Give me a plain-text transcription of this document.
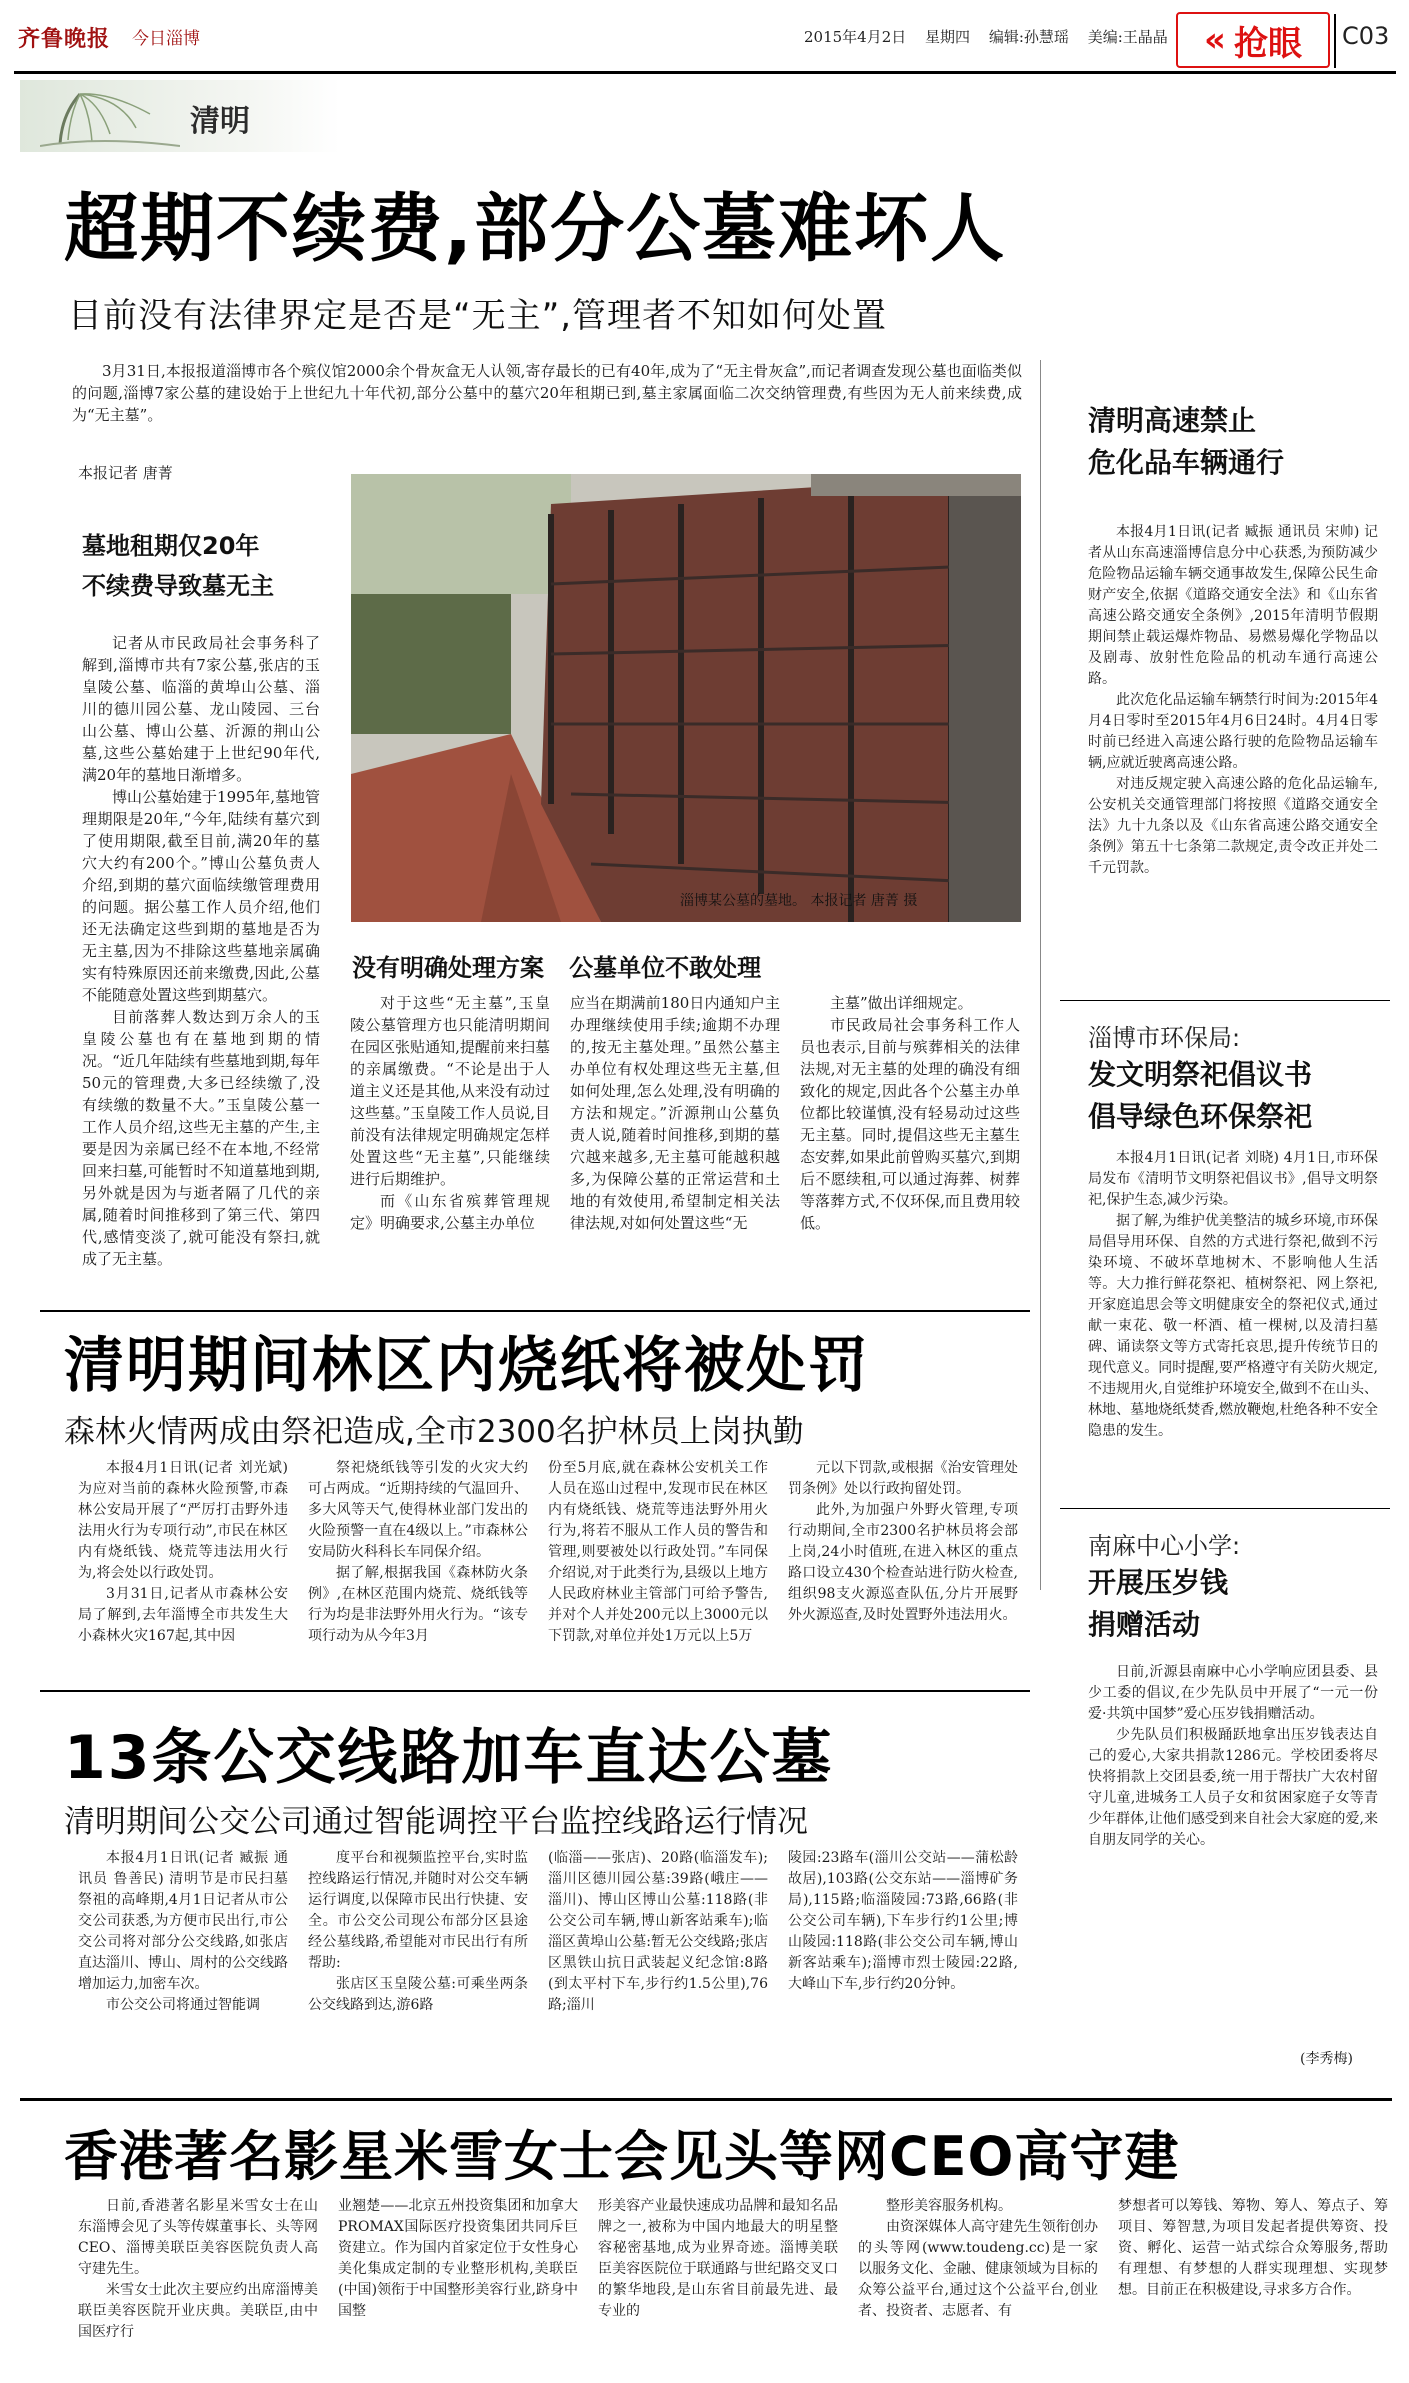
齐鲁晚报 今日淄博	2015年4月2日 星期四 编辑:孙慧瑶 美编:王晶晶	« 抢眼 C03
清明
超期不续费,部分公墓难坏人
目前没有法律界定是否是“无主”,管理者不知如何处置
3月31日,本报报道淄博市各个殡仪馆2000余个骨灰盒无人认领,寄存最长的已有40年,成为了“无主骨灰盒”,而记者调查发现公墓也面临类似的问题,淄博7家公墓的建设始于上世纪九十年代初,部分公墓中的墓穴20年租期已到,墓主家属面临二次交纳管理费,有些因为无人前来续费,成为“无主墓”。
本报记者 唐菁
墓地租期仅20年
不续费导致墓无主

记者从市民政局社会事务科了解到,淄博市共有7家公墓,张店的玉皇陵公墓、临淄的黄埠山公墓、淄川的德川园公墓、龙山陵园、三台山公墓、博山公墓、沂源的荆山公墓,这些公墓始建于上世纪90年代,满20年的墓地日渐增多。

博山公墓始建于1995年,墓地管理期限是20年,“今年,陆续有墓穴到了使用期限,截至目前,满20年的墓穴大约有200个。”博山公墓负责人介绍,到期的墓穴面临续缴管理费用的问题。据公墓工作人员介绍,他们还无法确定这些到期的墓地是否为无主墓,因为不排除这些墓地亲属确实有特殊原因还前来缴费,因此,公墓不能随意处置这些到期墓穴。

目前落葬人数达到万余人的玉皇陵公墓也有在墓地到期的情况。“近几年陆续有些墓地到期,每年50元的管理费,大多已经续缴了,没有续缴的数量不大。”玉皇陵公墓一工作人员介绍,这些无主墓的产生,主要是因为亲属已经不在本地,不经常回来扫墓,可能暂时不知道墓地到期,另外就是因为与逝者隔了几代的亲属,随着时间推移到了第三代、第四代,感情变淡了,就可能没有祭扫,就成了无主墓。

淄博某公墓的墓地。 本报记者 唐菁 摄
没有明确处理方案   公墓单位不敢处理

对于这些“无主墓”,玉皇陵公墓管理方也只能清明期间在园区张贴通知,提醒前来扫墓的亲属缴费。“不论是出于人道主义还是其他,从来没有动过这些墓。”玉皇陵工作人员说,目前没有法律规定明确规定怎样处置这些“无主墓”,只能继续进行后期维护。

而《山东省殡葬管理规定》明确要求,公墓主办单位

应当在期满前180日内通知户主办理继续使用手续;逾期不办理的,按无主墓处理。”虽然公墓主办单位有权处理这些无主墓,但如何处理,怎么处理,没有明确的方法和规定。”沂源荆山公墓负责人说,随着时间推移,到期的墓穴越来越多,无主墓可能越积越多,为保障公墓的正常运营和土地的有效使用,希望制定相关法律法规,对如何处置这些“无

主墓”做出详细规定。

市民政局社会事务科工作人员也表示,目前与殡葬相关的法律法规,对无主墓的处理的确没有细致化的规定,因此各个公墓主办单位都比较谨慎,没有轻易动过这些无主墓。同时,提倡这些无主墓生态安葬,如果此前曾购买墓穴,到期后不愿续租,可以通过海葬、树葬等落葬方式,不仅环保,而且费用较低。

清明高速禁止
危化品车辆通行

本报4月1日讯(记者 臧振 通讯员 宋帅) 记者从山东高速淄博信息分中心获悉,为预防减少危险物品运输车辆交通事故发生,保障公民生命财产安全,依据《道路交通安全法》和《山东省高速公路交通安全条例》,2015年清明节假期期间禁止载运爆炸物品、易燃易爆化学物品以及剧毒、放射性危险品的机动车通行高速公路。

此次危化品运输车辆禁行时间为:2015年4月4日零时至2015年4月6日24时。4月4日零时前已经进入高速公路行驶的危险物品运输车辆,应就近驶离高速公路。

对违反规定驶入高速公路的危化品运输车,公安机关交通管理部门将按照《道路交通安全法》九十九条以及《山东省高速公路交通安全条例》第五十七条第二款规定,责令改正并处二千元罚款。

淄博市环保局:
发文明祭祀倡议书
倡导绿色环保祭祀

本报4月1日讯(记者 刘晓) 4月1日,市环保局发布《清明节文明祭祀倡议书》,倡导文明祭祀,保护生态,减少污染。

据了解,为维护优美整洁的城乡环境,市环保局倡导用环保、自然的方式进行祭祀,做到不污染环境、不破坏草地树木、不影响他人生活等。大力推行鲜花祭祀、植树祭祀、网上祭祀,开家庭追思会等文明健康安全的祭祀仪式,通过献一束花、敬一杯酒、植一棵树,以及清扫墓碑、诵读祭文等方式寄托哀思,提升传统节日的现代意义。同时提醒,要严格遵守有关防火规定,不违规用火,自觉维护环境安全,做到不在山头、林地、墓地烧纸焚香,燃放鞭炮,杜绝各种不安全隐患的发生。

南麻中心小学:
开展压岁钱
捐赠活动

日前,沂源县南麻中心小学响应团县委、县少工委的倡议,在少先队员中开展了“一元一份爱·共筑中国梦”爱心压岁钱捐赠活动。

少先队员们积极踊跃地拿出压岁钱表达自己的爱心,大家共捐款1286元。学校团委将尽快将捐款上交团县委,统一用于帮扶广大农村留守儿童,进城务工人员子女和贫困家庭子女等青少年群体,让他们感受到来自社会大家庭的爱,来自朋友同学的关心。

(李秀梅)
清明期间林区内烧纸将被处罚
森林火情两成由祭祀造成,全市2300名护林员上岗执勤

本报4月1日讯(记者 刘光斌) 为应对当前的森林火险预警,市森林公安局开展了“严厉打击野外违法用火行为专项行动”,市民在林区内有烧纸钱、烧荒等违法用火行为,将会处以行政处罚。

3月31日,记者从市森林公安局了解到,去年淄博全市共发生大小森林火灾167起,其中因

祭祀烧纸钱等引发的火灾大约可占两成。“近期持续的气温回升、多大风等天气,使得林业部门发出的火险预警一直在4级以上。”市森林公安局防火科科长车同保介绍。

据了解,根据我国《森林防火条例》,在林区范围内烧荒、烧纸钱等行为均是非法野外用火行为。“该专项行动为从今年3月

份至5月底,就在森林公安机关工作人员在巡山过程中,发现市民在林区内有烧纸钱、烧荒等违法野外用火行为,将若不服从工作人员的警告和管理,则要被处以行政处罚。”车同保介绍说,对于此类行为,县级以上地方人民政府林业主管部门可给予警告,并对个人并处200元以上3000元以下罚款,对单位并处1万元以上5万

元以下罚款,或根据《治安管理处罚条例》处以行政拘留处罚。

此外,为加强户外野火管理,专项行动期间,全市2300名护林员将会部上岗,24小时值班,在进入林区的重点路口设立430个检查站进行防火检查,组织98支火源巡查队伍,分片开展野外火源巡查,及时处置野外违法用火。

13条公交线路加车直达公墓
清明期间公交公司通过智能调控平台监控线路运行情况

本报4月1日讯(记者 臧振 通讯员 鲁善民) 清明节是市民扫墓祭祖的高峰期,4月1日记者从市公交公司获悉,为方便市民出行,市公交公司将对部分公交线路,如张店直达淄川、博山、周村的公交线路增加运力,加密车次。

市公交公司将通过智能调

度平台和视频监控平台,实时监控线路运行情况,并随时对公交车辆运行调度,以保障市民出行快捷、安全。市公交公司现公布部分区县途经公墓线路,希望能对市民出行有所帮助:

张店区玉皇陵公墓:可乘坐两条公交线路到达,游6路

(临淄——张店)、20路(临淄发车);淄川区德川园公墓:39路(峨庄——淄川)、博山区博山公墓:118路(非公交公司车辆,博山新客站乘车);临淄区黄埠山公墓:暂无公交线路;张店区黑铁山抗日武装起义纪念馆:8路(到太平村下车,步行约1.5公里),76路;淄川
陵园:23路车(淄川公交站——蒲松龄故居),103路(公交东站——淄博矿务局),115路;临淄陵园:73路,66路(非公交公司车辆),下车步行约1公里;博山陵园:118路(非公交公司车辆,博山新客站乘车);淄博市烈士陵园:22路,大峰山下车,步行约20分钟。
香港著名影星米雪女士会见头等网CEO高守建

日前,香港著名影星米雪女士在山东淄博会见了头等传媒董事长、头等网CEO、淄博美联臣美容医院负责人高守建先生。

米雪女士此次主要应约出席淄博美联臣美容医院开业庆典。美联臣,由中国医疗行

业翘楚——北京五州投资集团和加拿大PROMAX国际医疗投资集团共同斥巨资建立。作为国内首家定位于女性身心美化集成定制的专业整形机构,美联臣(中国)领衔于中国整形美容行业,跻身中国整
形美容产业最快速成功品牌和最知名品牌之一,被称为中国内地最大的明星整容秘密基地,成为业界奇迹。淄博美联臣美容医院位于联通路与世纪路交叉口的繁华地段,是山东省目前最先进、最专业的

整形美容服务机构。

由资深媒体人高守建先生领衔创办的头等网(www.toudeng.cc)是一家以服务文化、金融、健康领域为目标的众筹公益平台,通过这个公益平台,创业者、投资者、志愿者、有

梦想者可以筹钱、筹物、筹人、筹点子、筹项目、筹智慧,为项目发起者提供筹资、投资、孵化、运营一站式综合众筹服务,帮助有理想、有梦想的人群实现理想、实现梦想。目前正在积极建设,寻求多方合作。
